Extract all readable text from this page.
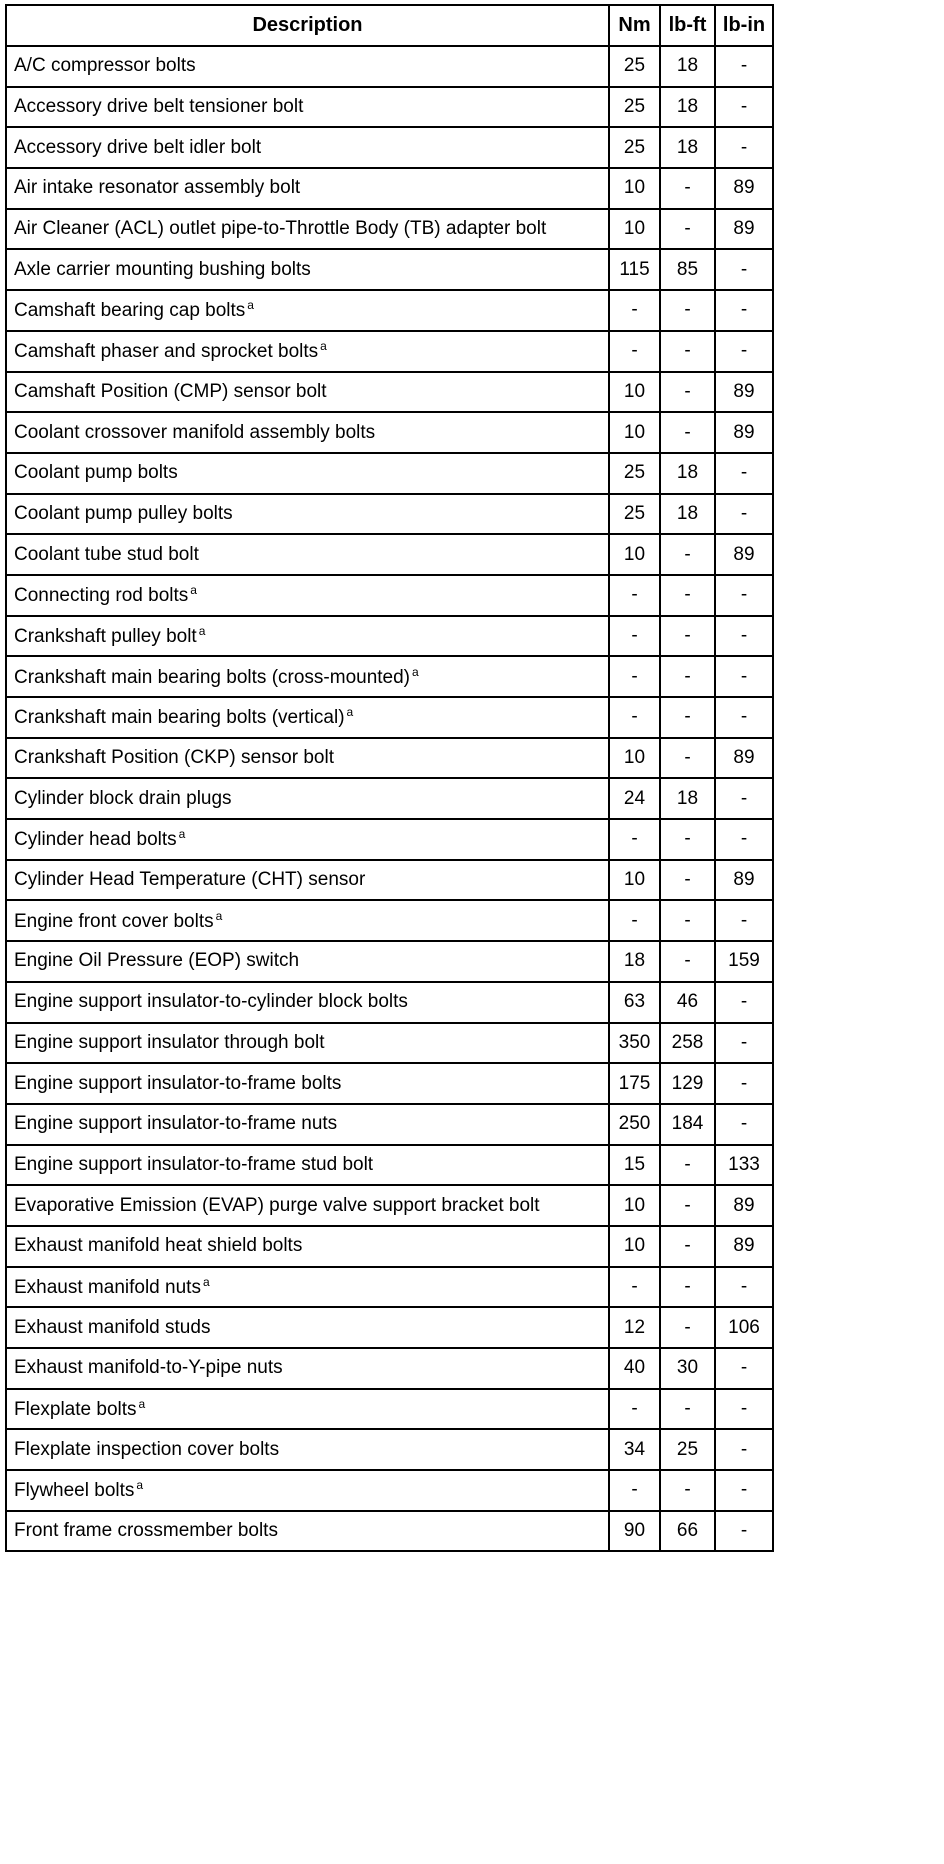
Description	Nm	lb-ft	lb-in
A/C compressor bolts	25	18	-
Accessory drive belt tensioner bolt	25	18	-
Accessory drive belt idler bolt	25	18	-
Air intake resonator assembly bolt	10	-	89
Air Cleaner (ACL) outlet pipe-to-Throttle Body (TB) adapter bolt	10	-	89
Axle carrier mounting bushing bolts	115	85	-
Camshaft bearing cap bolts $^a$	-	-	-
Camshaft phaser and sprocket bolts $^a$	-	-	-
Camshaft Position (CMP) sensor bolt	10	-	89
Coolant crossover manifold assembly bolts	10	-	89
Coolant pump bolts	25	18	-
Coolant pump pulley bolts	25	18	-
Coolant tube stud bolt	10	-	89
Connecting rod bolts $^a$	-	-	-
Crankshaft pulley bolt $^a$	-	-	-
Crankshaft main bearing bolts (cross-mounted) $^a$	-	-	-
Crankshaft main bearing bolts (vertical) $^a$	-	-	-
Crankshaft Position (CKP) sensor bolt	10	-	89
Cylinder block drain plugs	24	18	-
Cylinder head bolts $^a$	-	-	-
Cylinder Head Temperature (CHT) sensor	10	-	89
Engine front cover bolts $^a$	-	-	-
Engine Oil Pressure (EOP) switch	18	-	159
Engine support insulator-to-cylinder block bolts	63	46	-
Engine support insulator through bolt	350	258	-
Engine support insulator-to-frame bolts	175	129	-
Engine support insulator-to-frame nuts	250	184	-
Engine support insulator-to-frame stud bolt	15	-	133
Evaporative Emission (EVAP) purge valve support bracket bolt	10	-	89
Exhaust manifold heat shield bolts	10	-	89
Exhaust manifold nuts $^a$	-	-	-
Exhaust manifold studs	12	-	106
Exhaust manifold-to-Y-pipe nuts	40	30	-
Flexplate bolts $^a$	-	-	-
Flexplate inspection cover bolts	34	25	-
Flywheel bolts $^a$	-	-	-
Front frame crossmember bolts	90	66	-
